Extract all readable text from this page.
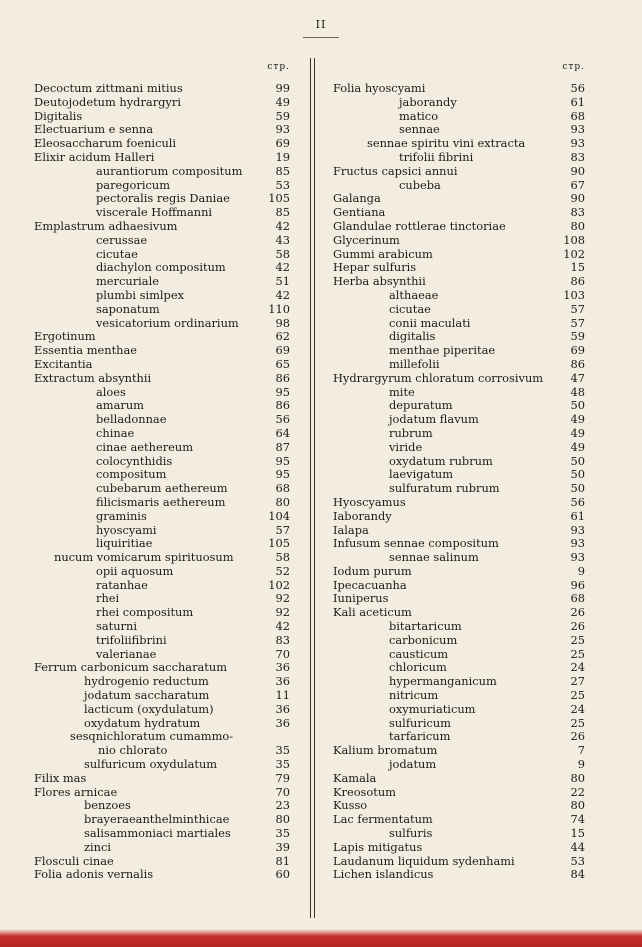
II
стр.
Decoctum zittmani mitius	99
Deutojodetum hydrargyri	49
Digitalis	59
Electuarium e senna	93
Eleosaccharum foeniculi	69
Elixir acidum Halleri	19
aurantiorum compositum	85
paregoricum	53
pectoralis regis Daniae	105
viscerale Hoffmanni	85
Emplastrum adhaesivum	42
cerussae	43
cicutae	58
diachylon compositum	42
mercuriale	51
plumbi simlpex	42
saponatum	110
vesicatorium ordinarium	98
Ergotinum	62
Essentia menthae	69
Excitantia	65
Extractum absynthii	86
aloes	95
amarum	86
belladonnae	56
chinae	64
cinae aethereum	87
colocynthidis	95
compositum	95
cubebarum aethereum	68
filicismaris aethereum	80
graminis	104
hyoscyami	57
liquiritiae	105
nucum vomicarum spirituosum	58
opii aquosum	52
ratanhae	102
rhei	92
rhei compositum	92
saturni	42
trifoliifibrini	83
valerianae	70
Ferrum carbonicum saccharatum	36
hydrogenio reductum	36
jodatum saccharatum	11
lacticum (oxydulatum)	36
oxydatum hydratum	36
sesqnichloratum cumammo-
nio chlorato	35
sulfuricum oxydulatum	35
Filix mas	79
Flores arnicae	70
benzoes	23
brayeraeanthelminthicae	80
salisammoniaci martiales	35
zinci	39
Flosculi cinae	81
Folia adonis vernalis	60
стр.
Folia hyoscyami	56
jaborandy	61
matico	68
sennae	93
sennae spiritu vini extracta	93
trifolii fibrini	83
Fructus capsici annui	90
cubeba	67
Galanga	90
Gentiana	83
Glandulae rottlerae tinctoriae	80
Glycerinum	108
Gummi arabicum	102
Hepar sulfuris	15
Herba absynthii	86
althaeae	103
cicutae	57
conii maculati	57
digitalis	59
menthae piperitae	69
millefolii	86
Hydrargyrum chloratum corrosivum	47
mite	48
depuratum	50
jodatum flavum	49
rubrum	49
viride	49
oxydatum rubrum	50
laevigatum	50
sulfuratum rubrum	50
Hyoscyamus	56
Iaborandy	61
Ialapa	93
Infusum sennae compositum	93
sennae salinum	93
Iodum purum	9
Ipecacuanha	96
Iuniperus	68
Kali aceticum	26
bitartaricum	26
carbonicum	25
causticum	25
chloricum	24
hypermanganicum	27
nitricum	25
oxymuriaticum	24
sulfuricum	25
tarfaricum	26
Kalium bromatum	7
jodatum	9
Kamala	80
Kreosotum	22
Kusso	80
Lac fermentatum	74
sulfuris	15
Lapis mitigatus	44
Laudanum liquidum sydenhami	53
Lichen islandicus	84
